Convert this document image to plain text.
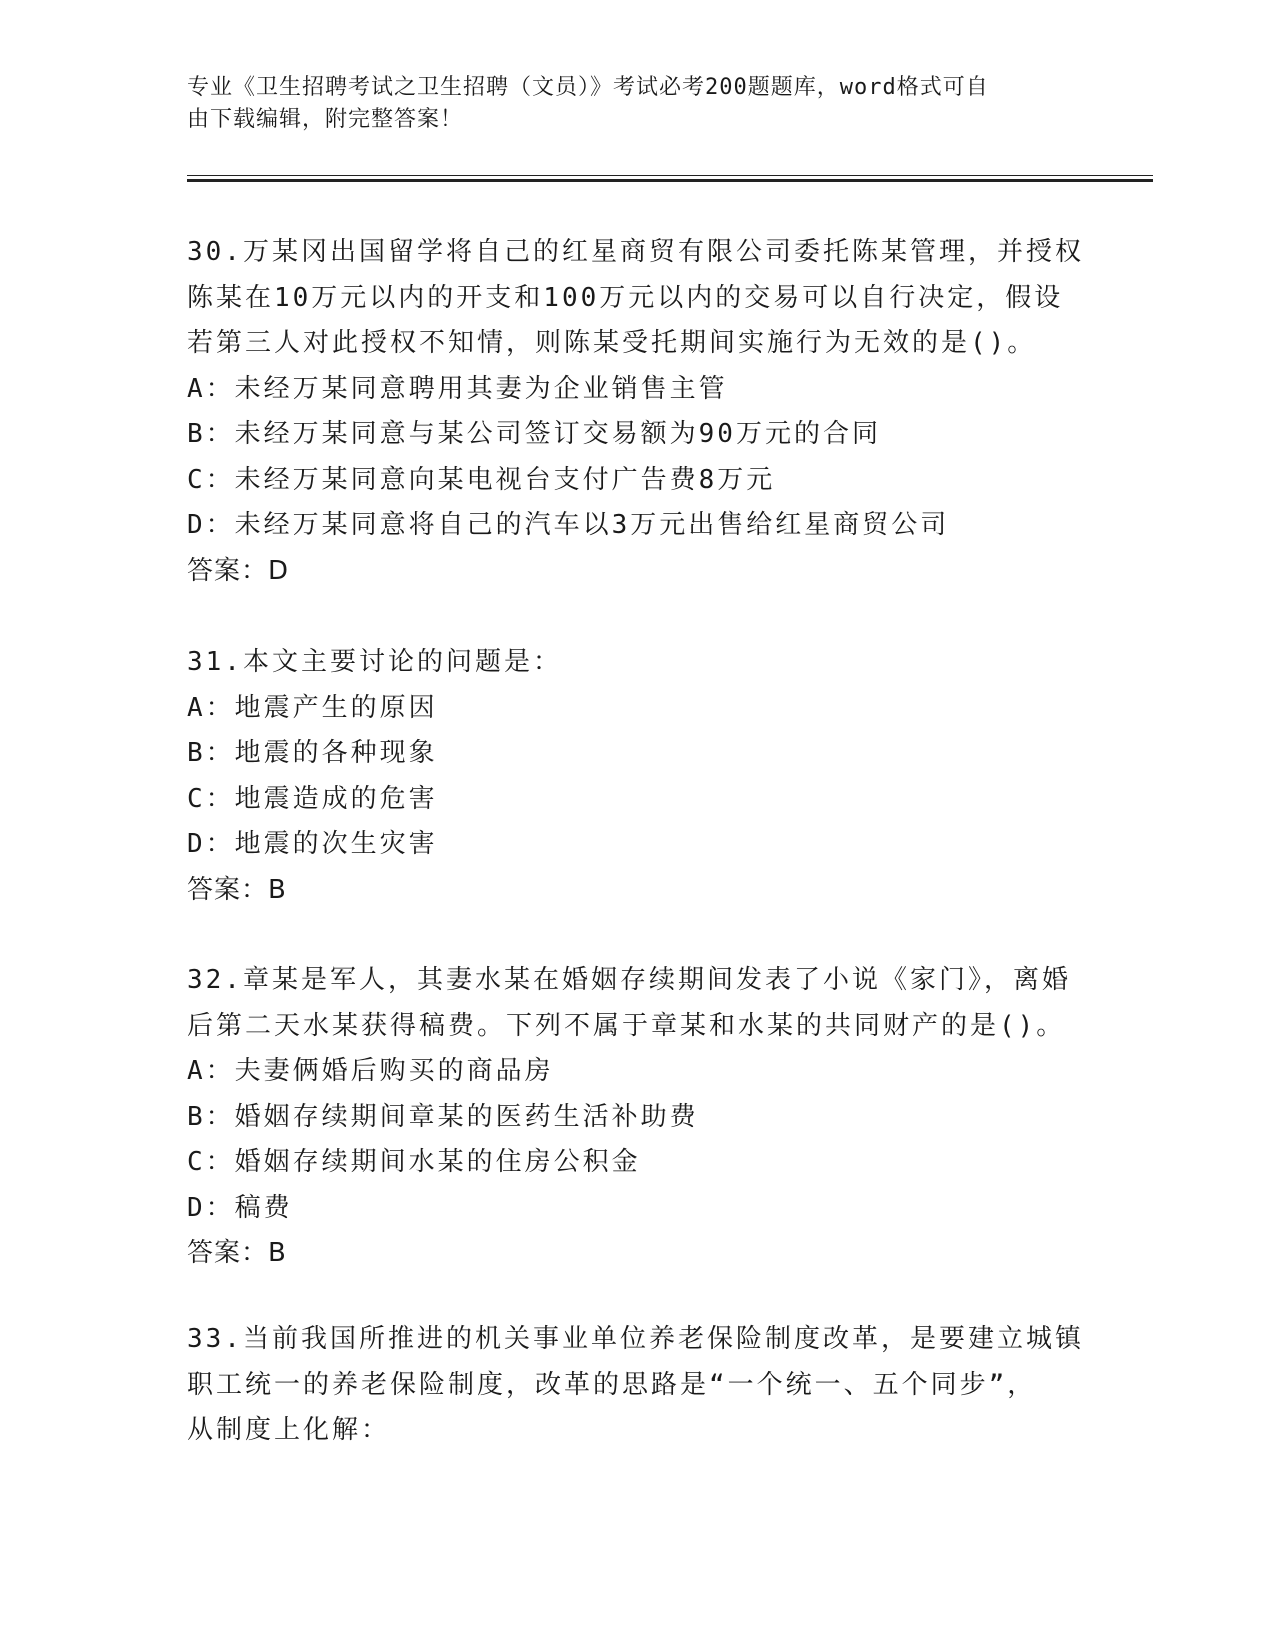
专业《卫生招聘考试之卫生招聘（文员）》考试必考200题题库，word格式可自
由下载编辑，附完整答案！
30.万某冈出国留学将自己的红星商贸有限公司委托陈某管理，并授权
陈某在10万元以内的开支和100万元以内的交易可以自行决定，假设
若第三人对此授权不知情，则陈某受托期间实施行为无效的是()。
A：未经万某同意聘用其妻为企业销售主管
B：未经万某同意与某公司签订交易额为90万元的合同
C：未经万某同意向某电视台支付广告费8万元
D：未经万某同意将自己的汽车以3万元出售给红星商贸公司
答案：D
31.本文主要讨论的问题是：
A：地震产生的原因
B：地震的各种现象
C：地震造成的危害
D：地震的次生灾害
答案：B
32.章某是军人，其妻水某在婚姻存续期间发表了小说《家门》，离婚
后第二天水某获得稿费。下列不属于章某和水某的共同财产的是()。
A：夫妻俩婚后购买的商品房
B：婚姻存续期间章某的医药生活补助费
C：婚姻存续期间水某的住房公积金
D：稿费
答案：B
33.当前我国所推进的机关事业单位养老保险制度改革，是要建立城镇
职工统一的养老保险制度，改革的思路是“一个统一、五个同步”，
从制度上化解：
